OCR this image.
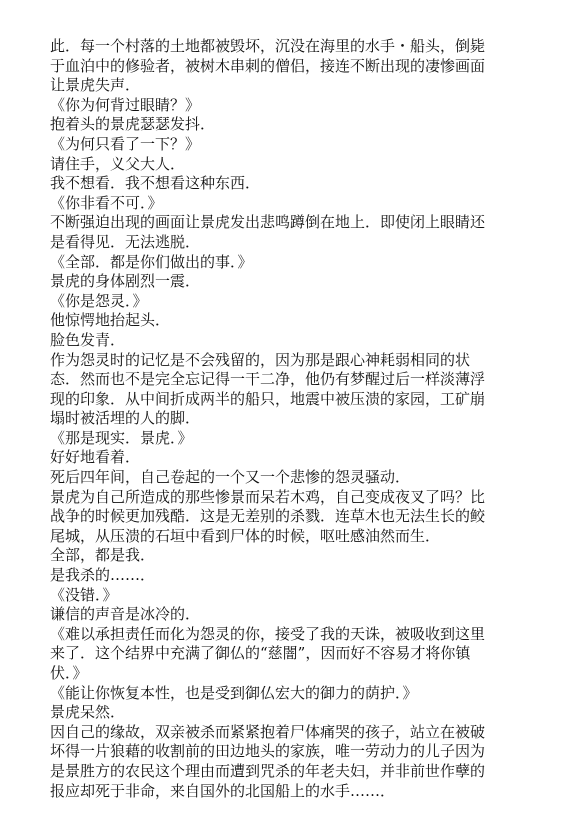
此．每一个村落的土地都被毁坏，沉没在海里的水手・船头，倒毙

于血泊中的修验者，被树木串刺的僧侣，接连不断出现的凄惨画面

让景虎失声．

《你为何背过眼睛？》

抱着头的景虎瑟瑟发抖．

《为何只看了一下？》

请住手，义父大人．

我不想看．我不想看这种东西．

《你非看不可．》

不断强迫出现的画面让景虎发出悲鸣蹲倒在地上．即使闭上眼睛还

是看得见．无法逃脱．

《全部．都是你们做出的事．》

景虎的身体剧烈一震．

《你是怨灵．》

他惊愕地抬起头．

脸色发青．

作为怨灵时的记忆是不会残留的，因为那是跟心神耗弱相同的状

态．然而也不是完全忘记得一干二净，他仍有梦醒过后一样淡薄浮

现的印象．从中间折成两半的船只，地震中被压溃的家园，工矿崩

塌时被活埋的人的脚．

《那是现实．景虎．》

好好地看着．

死后四年间，自己卷起的一个又一个悲惨的怨灵骚动．

景虎为自己所造成的那些惨景而呆若木鸡，自己变成夜叉了吗？比

战争的时候更加残酷．这是无差别的杀戮．连草木也无法生长的鲛

尾城，从压溃的石垣中看到尸体的时候，呕吐感油然而生．

全部，都是我．

是我杀的……．

《没错．》

谦信的声音是冰冷的．

《难以承担责任而化为怨灵的你，接受了我的天诛，被吸收到这里

来了．这个结界中充满了御仏的“慈闇”，因而好不容易才将你镇

伏．》

《能让你恢复本性，也是受到御仏宏大的御力的荫护．》

景虎呆然．

因自己的缘故，双亲被杀而紧紧抱着尸体痛哭的孩子，站立在被破

坏得一片狼藉的收割前的田边地头的家族，唯一劳动力的儿子因为

是景胜方的农民这个理由而遭到咒杀的年老夫妇，并非前世作孽的

报应却死于非命，来自国外的北国船上的水手……．
